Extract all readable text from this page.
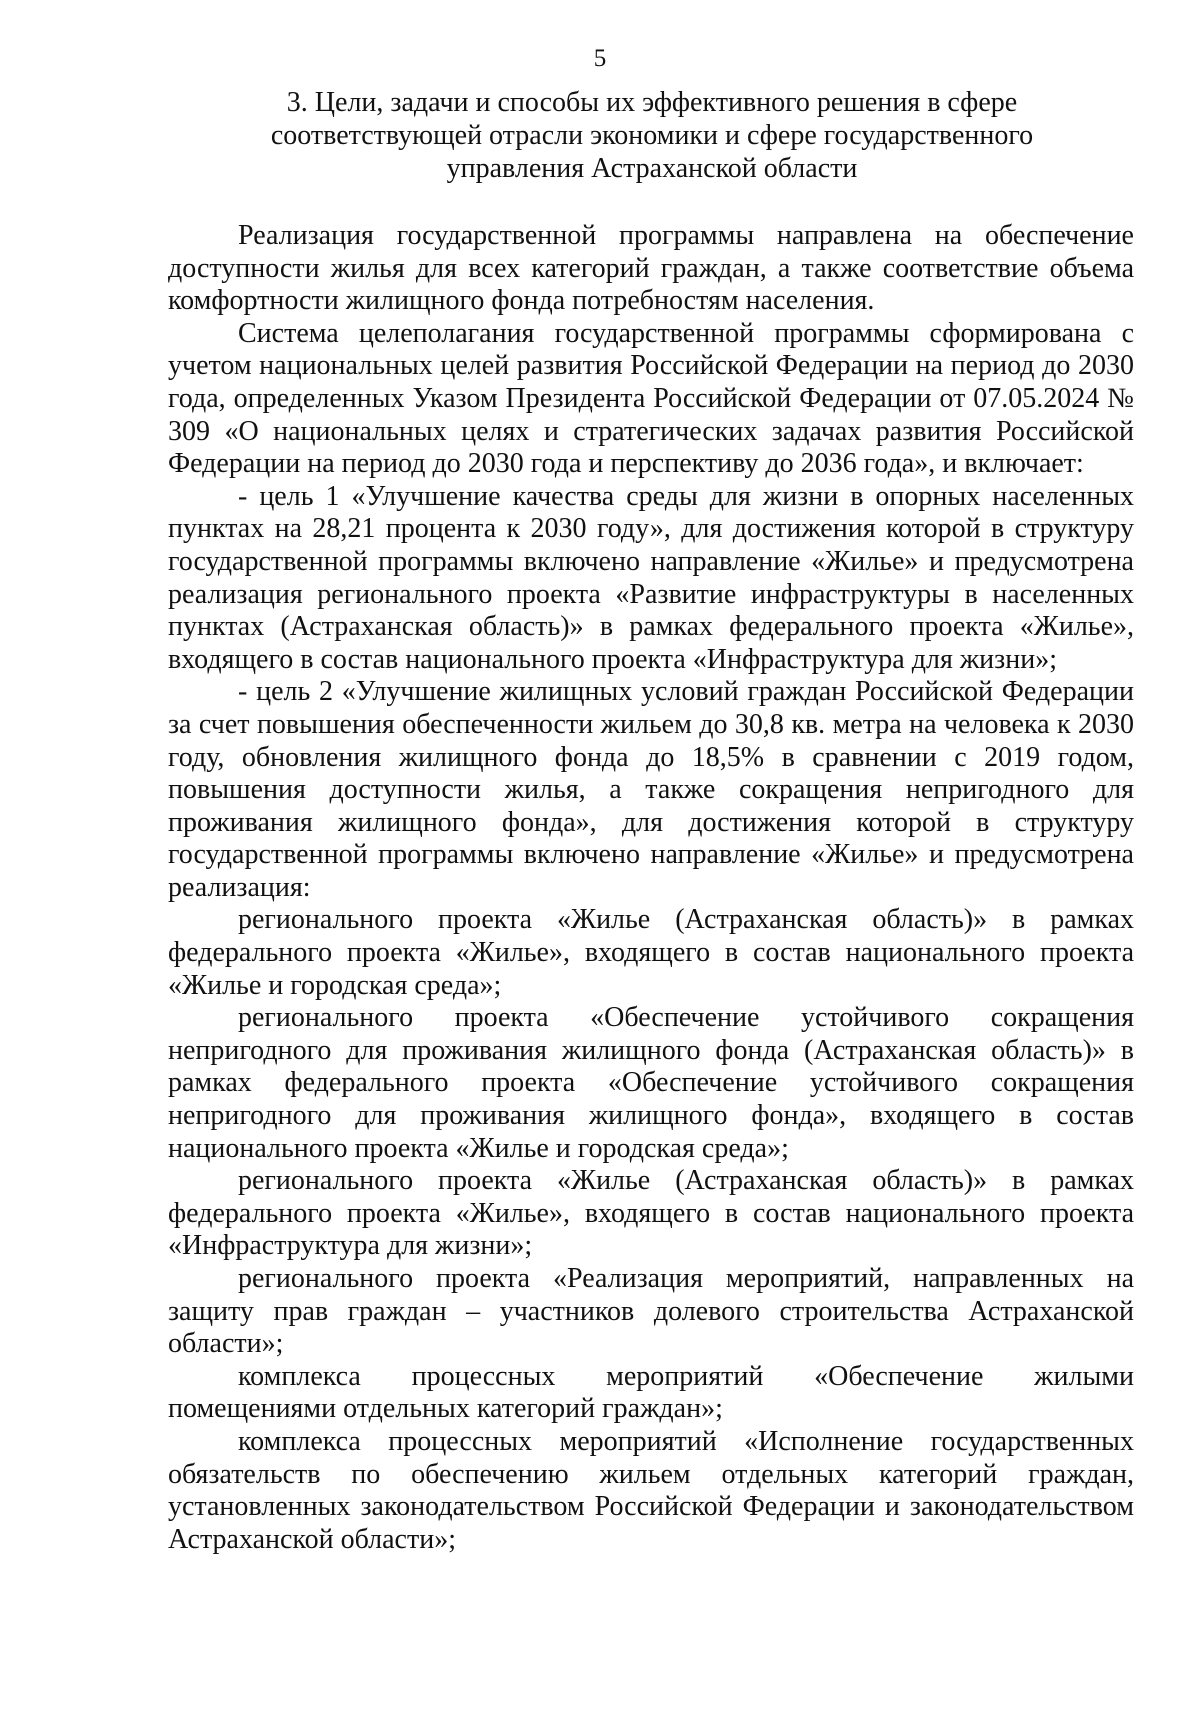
5
3. Цели, задачи и способы их эффективного решения в сфере
соответствующей отрасли экономики и сфере государственного
управления Астраханской области

Реализация государственной программы направлена на обеспечение доступности жилья для всех категорий граждан, а также соответствие объема комфортности жилищного фонда потребностям населения.

Система целеполагания государственной программы сформирована с учетом национальных целей развития Российской Федерации на период до 2030 года, определенных Указом Президента Российской Федерации от 07.05.2024 № 309 «О национальных целях и стратегических задачах развития Российской Федерации на период до 2030 года и перспективу до 2036 года», и включает:

- цель 1 «Улучшение качества среды для жизни в опорных населенных пунктах на 28,21 процента к 2030 году», для достижения которой в структуру государственной программы включено направление «Жилье» и предусмотрена реализация регионального проекта «Развитие инфраструктуры в населенных пунктах (Астраханская область)» в рамках федерального проекта «Жилье», входящего в состав национального проекта «Инфраструктура для жизни»;

- цель 2 «Улучшение жилищных условий граждан Российской Федерации за счет повышения обеспеченности жильем до 30,8 кв. метра на человека к 2030 году, обновления жилищного фонда до 18,5% в сравнении с 2019 годом, повышения доступности жилья, а также сокращения непригодного для проживания жилищного фонда», для достижения которой в структуру государственной программы включено направление «Жилье» и предусмотрена реализация:

регионального проекта «Жилье (Астраханская область)» в рамках федерального проекта «Жилье», входящего в состав национального проекта «Жилье и городская среда»;

регионального проекта «Обеспечение устойчивого сокращения непригодного для проживания жилищного фонда (Астраханская область)» в рамках федерального проекта «Обеспечение устойчивого сокращения непригодного для проживания жилищного фонда», входящего в состав национального проекта «Жилье и городская среда»;

регионального проекта «Жилье (Астраханская область)» в рамках федерального проекта «Жилье», входящего в состав национального проекта «Инфраструктура для жизни»;

регионального проекта «Реализация мероприятий, направленных на защиту прав граждан – участников долевого строительства Астраханской области»;

комплекса процессных мероприятий «Обеспечение жилыми помещениями отдельных категорий граждан»;

комплекса процессных мероприятий «Исполнение государственных обязательств по обеспечению жильем отдельных категорий граждан, установленных законодательством Российской Федерации и законодательством Астраханской области»;
